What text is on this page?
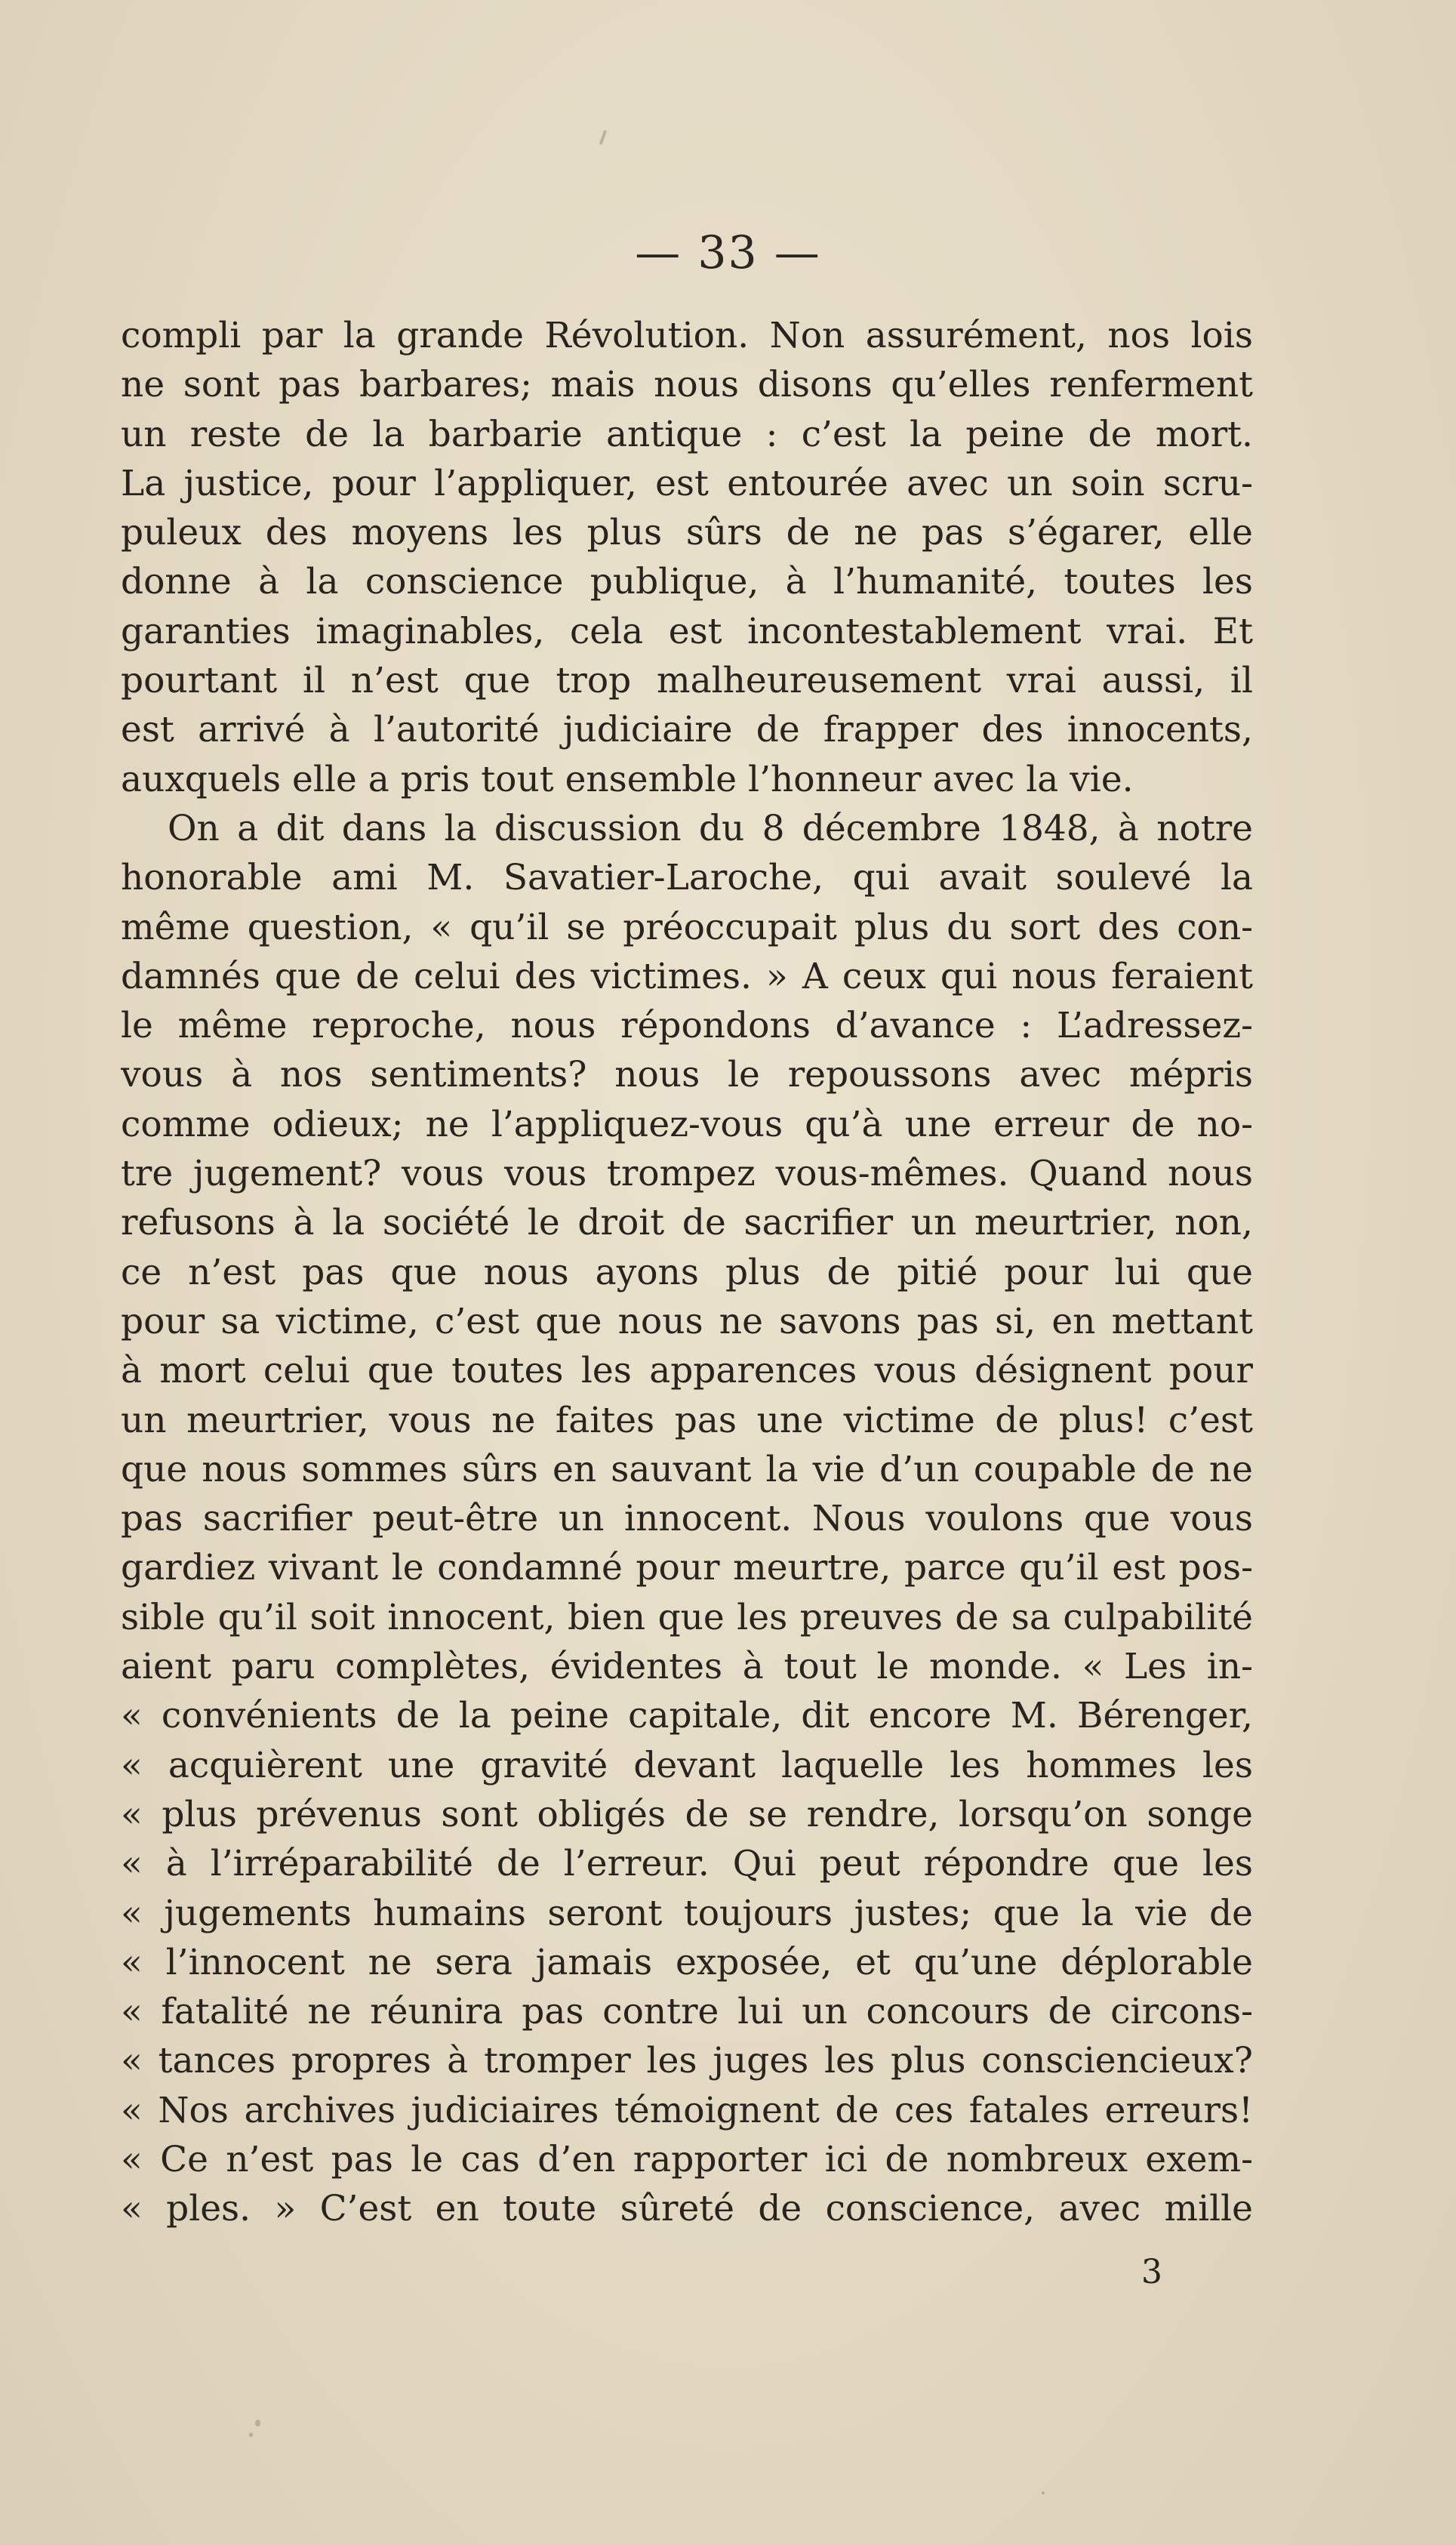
— 33 —
compli par la grande Révolution. Non assurément, nos lois
ne sont pas barbares; mais nous disons qu’elles renferment
un reste de la barbarie antique : c’est la peine de mort.
La justice, pour l’appliquer, est entourée avec un soin scru-
puleux des moyens les plus sûrs de ne pas s’égarer, elle
donne à la conscience publique, à l’humanité, toutes les
garanties imaginables, cela est incontestablement vrai. Et
pourtant il n’est que trop malheureusement vrai aussi, il
est arrivé à l’autorité judiciaire de frapper des innocents,
auxquels elle a pris tout ensemble l’honneur avec la vie.
On a dit dans la discussion du 8 décembre 1848, à notre
honorable ami M. Savatier-Laroche, qui avait soulevé la
même question, « qu’il se préoccupait plus du sort des con-
damnés que de celui des victimes. » A ceux qui nous feraient
le même reproche, nous répondons d’avance : L’adressez-
vous à nos sentiments? nous le repoussons avec mépris
comme odieux; ne l’appliquez-vous qu’à une erreur de no-
tre jugement? vous vous trompez vous-mêmes. Quand nous
refusons à la société le droit de sacrifier un meurtrier, non,
ce n’est pas que nous ayons plus de pitié pour lui que
pour sa victime, c’est que nous ne savons pas si, en mettant
à mort celui que toutes les apparences vous désignent pour
un meurtrier, vous ne faites pas une victime de plus! c’est
que nous sommes sûrs en sauvant la vie d’un coupable de ne
pas sacrifier peut-être un innocent. Nous voulons que vous
gardiez vivant le condamné pour meurtre, parce qu’il est pos-
sible qu’il soit innocent, bien que les preuves de sa culpabilité
aient paru complètes, évidentes à tout le monde. « Les in-
« convénients de la peine capitale, dit encore M. Bérenger,
« acquièrent une gravité devant laquelle les hommes les
« plus prévenus sont obligés de se rendre, lorsqu’on songe
« à l’irréparabilité de l’erreur. Qui peut répondre que les
« jugements humains seront toujours justes; que la vie de
« l’innocent ne sera jamais exposée, et qu’une déplorable
« fatalité ne réunira pas contre lui un concours de circons-
« tances propres à tromper les juges les plus consciencieux?
« Nos archives judiciaires témoignent de ces fatales erreurs!
« Ce n’est pas le cas d’en rapporter ici de nombreux exem-
« ples. » C’est en toute sûreté de conscience, avec mille
3
